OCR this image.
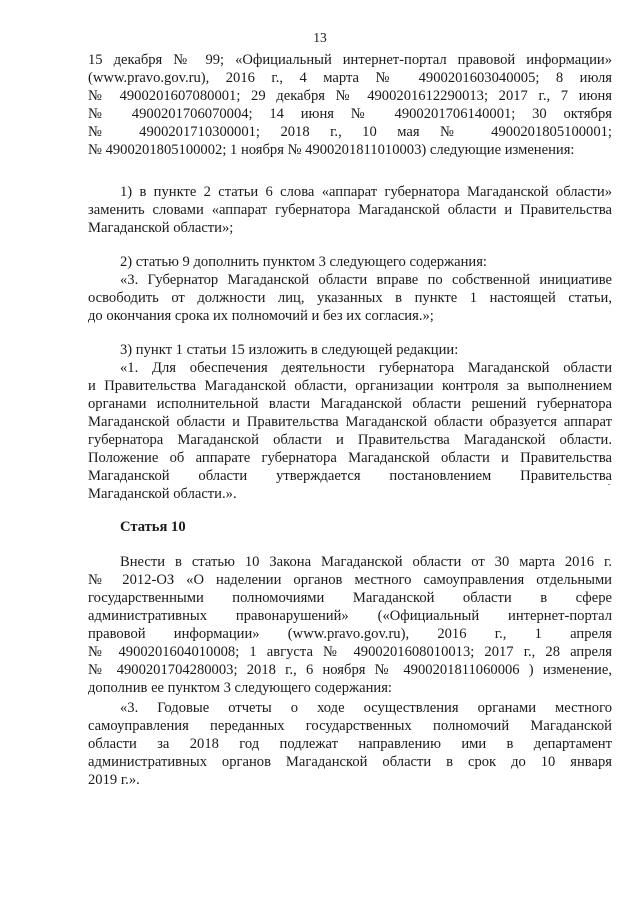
13
15 декабря № 99; «Официальный интернет-портал правовой информации»
(www.pravo.gov.ru), 2016 г., 4 марта № 4900201603040005; 8 июля
№ 4900201607080001; 29 декабря № 4900201612290013; 2017 г., 7 июня
№ 4900201706070004; 14 июня № 4900201706140001; 30 октября
№ 4900201710300001; 2018 г., 10 мая № 4900201805100001;
№ 4900201805100002; 1 ноября № 4900201811010003) следующие изменения:
1) в пункте 2 статьи 6 слова «аппарат губернатора Магаданской области»
заменить словами «аппарат губернатора Магаданской области и Правительства
Магаданской области»;
2) статью 9 дополнить пунктом 3 следующего содержания:
«3. Губернатор Магаданской области вправе по собственной инициативе
освободить от должности лиц, указанных в пункте 1 настоящей статьи,
до окончания срока их полномочий и без их согласия.»;
3) пункт 1 статьи 15 изложить в следующей редакции:
«1. Для обеспечения деятельности губернатора Магаданской области
и Правительства Магаданской области, организации контроля за выполнением
органами исполнительной власти Магаданской области решений губернатора
Магаданской области и Правительства Магаданской области образуется аппарат
губернатора Магаданской области и Правительства Магаданской области.
Положение об аппарате губернатора Магаданской области и Правительства
Магаданской области утверждается постановлением Правительства
Магаданской области.».
Статья 10
Внести в статью 10 Закона Магаданской области от 30 марта 2016 г.
№ 2012-ОЗ «О наделении органов местного самоуправления отдельными
государственными полномочиями Магаданской области в сфере
административных правонарушений» («Официальный интернет-портал
правовой информации» (www.pravo.gov.ru), 2016 г., 1 апреля
№ 4900201604010008; 1 августа № 4900201608010013; 2017 г., 28 апреля
№ 4900201704280003; 2018 г., 6 ноября № 4900201811060006 ) изменение,
дополнив ее пунктом 3 следующего содержания:
«3. Годовые отчеты о ходе осуществления органами местного
самоуправления переданных государственных полномочий Магаданской
области за 2018 год подлежат направлению ими в департамент
административных органов Магаданской области в срок до 10 января
2019 г.».
